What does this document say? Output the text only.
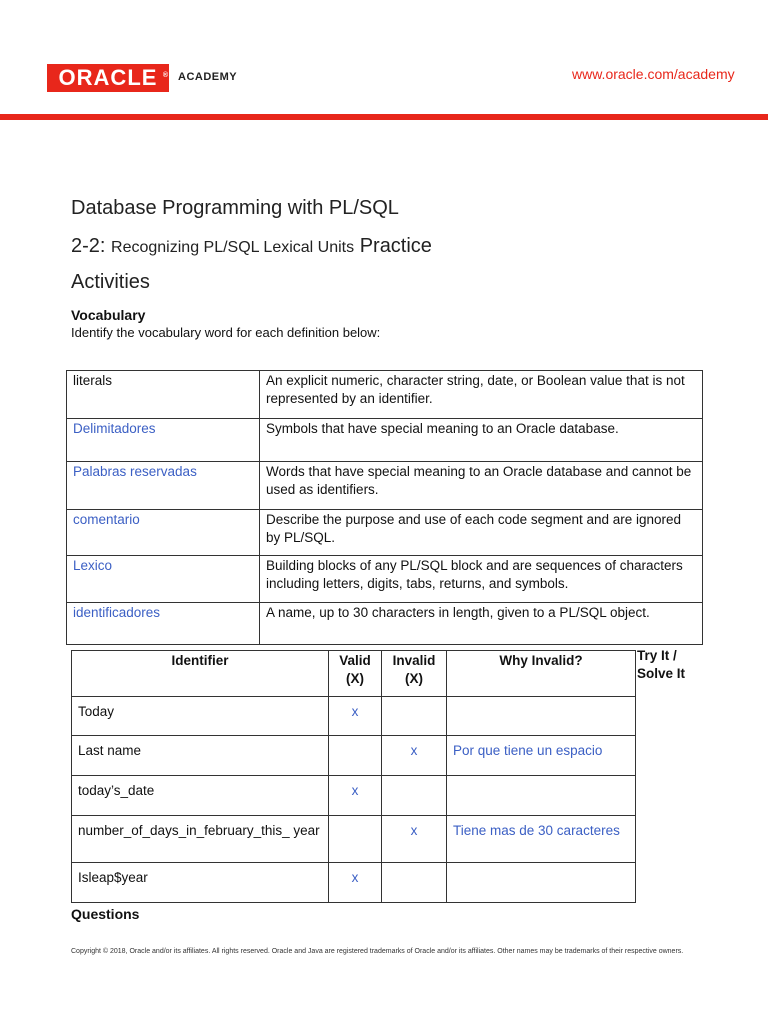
ORACLE ® ACADEMY	www.oracle.com/academy
Database Programming with PL/SQL
2-2: Recognizing PL/SQL Lexical Units Practice
Activities
Vocabulary
Identify the vocabulary word for each definition below:
literals	An explicit numeric, character string, date, or Boolean value that is not represented by an identifier.
Delimitadores	Symbols that have special meaning to an Oracle database.
Palabras reservadas	Words that have special meaning to an Oracle database and cannot be used as identifiers.
comentario	Describe the purpose and use of each code segment and are ignored by PL/SQL.
Lexico	Building blocks of any PL/SQL block and are sequences of characters including letters, digits, tabs, returns, and symbols.
identificadores	A name, up to 30 characters in length, given to a PL/SQL object.
Try It /
Solve It
Identifier	Valid (X)	Invalid (X)	Why Invalid?
Today	x		
Last name		x	Por que tiene un espacio
today’s_date	x		
number_of_days_in_february_this_ year		x	Tiene mas de 30 caracteres
Isleap$year	x		
Questions
Copyright © 2018, Oracle and/or its affiliates. All rights reserved. Oracle and Java are registered trademarks of Oracle and/or its affiliates. Other names may be trademarks of their respective owners.
